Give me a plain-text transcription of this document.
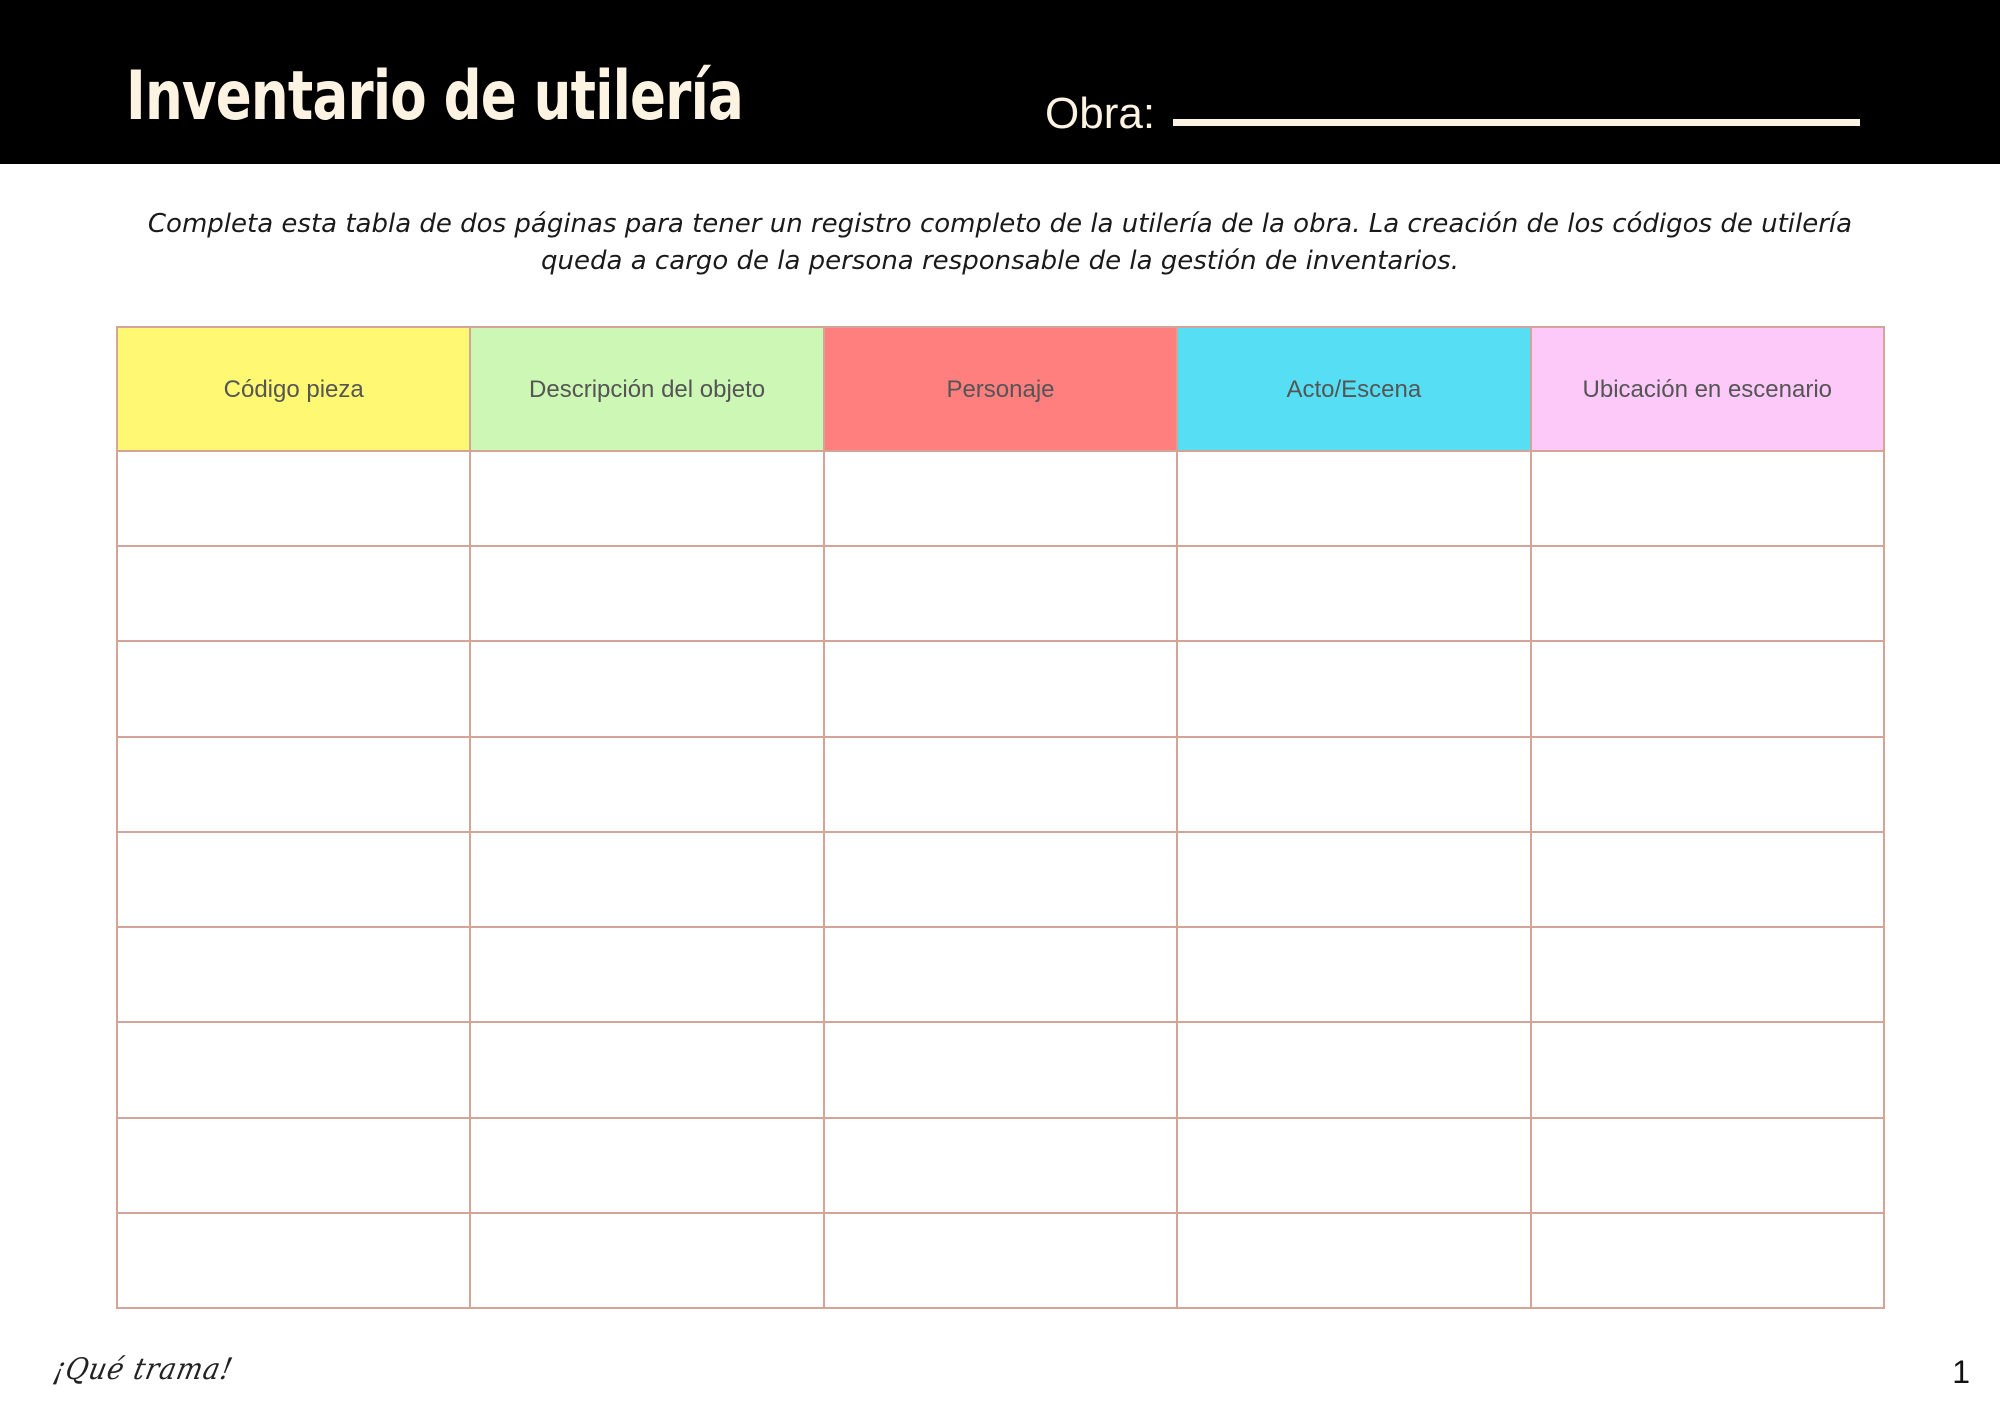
Inventario de utilería	Obra:

Completa esta tabla de dos páginas para tener un registro completo de la utilería de la obra. La creación de los códigos de utilería queda a cargo de la persona responsable de la gestión de inventarios.

Código pieza	Descripción del objeto	Personaje	Acto/Escena	Ubicación en escenario

¡Qué trama!	1
